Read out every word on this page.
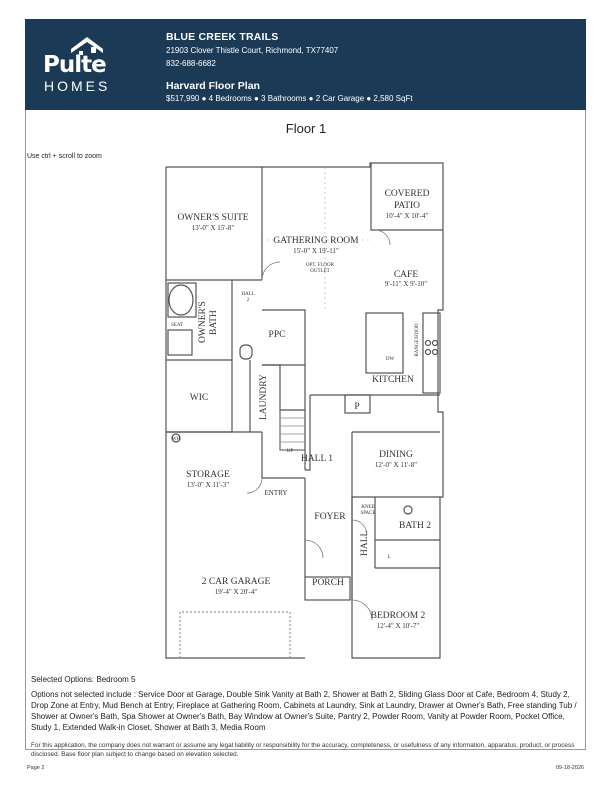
Pulte
HOMES
BLUE CREEK TRAILS
21903 Clover Thistle Court, Richmond, TX77407
832-688-6682
Harvard Floor Plan
$517,990 ● 4 Bedrooms ● 3 Bathrooms ● 2 Car Garage ● 2,580 SqFt
Floor 1
Use ctrl + scroll to zoom
OWNER'S SUITE
13'-0" X 15'-8"
GATHERING ROOM
15'-0" X 19'-11"
OPT. FLOOR
OUTLET
COVERED
PATIO
10'-4" X 10'-4"
CAFE
9'-11" X 9'-10"
OWNER'S BATH
HALL
2
SEAT
PPC
KITCHEN
RANGE/HOOD
DW
WIC	LAUNDRY	P
HALL 1
UP	DINING
12'-0" X 11'-8"
WH
STORAGE
13'-0" X 11'-3"
ENTRY
FOYER
KNEE
SPACE
BATH 2
HALL
L
2 CAR GARAGE
19'-4" X 20'-4"
PORCH
BEDROOM 2
12'-4" X 10'-7"
Selected Options: Bedroom 5
Options not selected include : Service Door at Garage, Double Sink Vanity at Bath 2, Shower at Bath 2, Sliding Glass Door at Cafe, Bedroom 4, Study 2, Drop Zone at Entry, Mud Bench at Entry, Fireplace at Gathering Room, Cabinets at Laundry, Sink at Laundry, Drawer at Owner's Bath, Free standing Tub / Shower at Owner's Bath, Spa Shower at Owner's Bath, Bay Window at Owner's Suite, Pantry 2, Powder Room, Vanity at Powder Room, Pocket Office, Study 1, Extended Walk-in Closet, Shower at Bath 3, Media Room
For this application, the company does not warrant or assume any legal liability or responsibility for the accuracy, completeness, or usefulness of any information, apparatus, product, or process disclosed. Base floor plan subject to change based on elevation selected.
Page 2	09-18-2026
